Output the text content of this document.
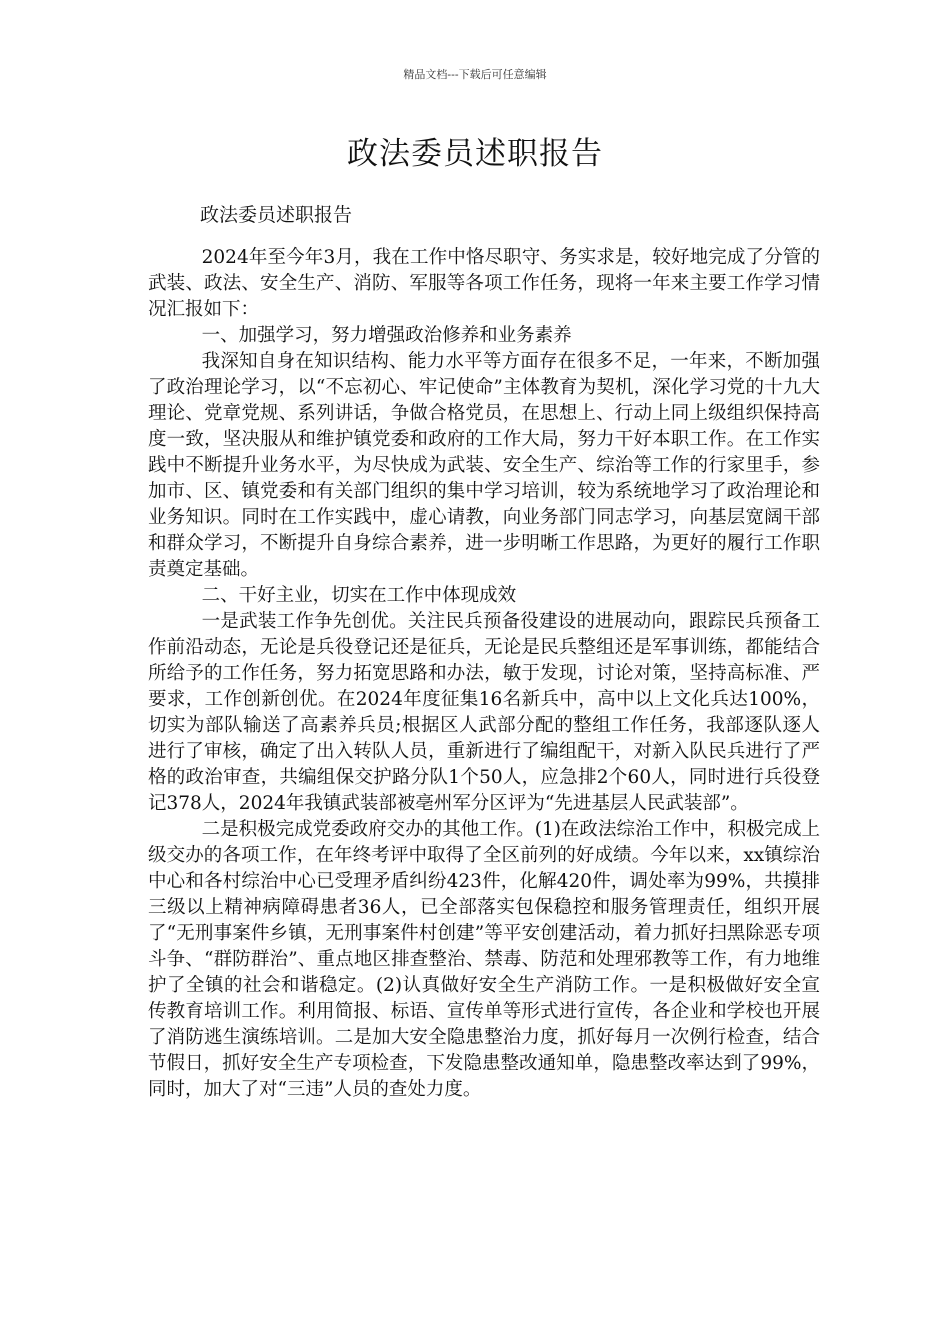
精品文档---下载后可任意编辑
政法委员述职报告
政法委员述职报告

2024年至今年3月，我在工作中恪尽职守、务实求是，较好地完成了分管的武装、政法、安全生产、消防、军服等各项工作任务，现将一年来主要工作学习情况汇报如下：

一、加强学习，努力增强政治修养和业务素养

我深知自身在知识结构、能力水平等方面存在很多不足，一年来，不断加强了政治理论学习，以“不忘初心、牢记使命”主体教育为契机，深化学习党的十九大理论、党章党规、系列讲话，争做合格党员，在思想上、行动上同上级组织保持高度一致，坚决服从和维护镇党委和政府的工作大局，努力干好本职工作。在工作实践中不断提升业务水平，为尽快成为武装、安全生产、综治等工作的行家里手，参加市、区、镇党委和有关部门组织的集中学习培训，较为系统地学习了政治理论和业务知识。同时在工作实践中，虚心请教，向业务部门同志学习，向基层宽阔干部和群众学习，不断提升自身综合素养，进一步明晰工作思路，为更好的履行工作职责奠定基础。

二、干好主业，切实在工作中体现成效

一是武装工作争先创优。关注民兵预备役建设的进展动向，跟踪民兵预备工作前沿动态，无论是兵役登记还是征兵，无论是民兵整组还是军事训练，都能结合所给予的工作任务，努力拓宽思路和办法，敏于发现，讨论对策，坚持高标准、严要求，工作创新创优。在2024年度征集16名新兵中，高中以上文化兵达100%，切实为部队输送了高素养兵员;根据区人武部分配的整组工作任务，我部逐队逐人进行了审核，确定了出入转队人员，重新进行了编组配干，对新入队民兵进行了严格的政治审查，共编组保交护路分队1个50人，应急排2个60人，同时进行兵役登记378人，2024年我镇武装部被亳州军分区评为“先进基层人民武装部”。

二是积极完成党委政府交办的其他工作。(1)在政法综治工作中，积极完成上级交办的各项工作，在年终考评中取得了全区前列的好成绩。今年以来，xx镇综治中心和各村综治中心已受理矛盾纠纷423件，化解420件，调处率为99%，共摸排三级以上精神病障碍患者36人，已全部落实包保稳控和服务管理责任，组织开展了“无刑事案件乡镇，无刑事案件村创建”等平安创建活动，着力抓好扫黑除恶专项斗争、“群防群治”、重点地区排查整治、禁毒、防范和处理邪教等工作，有力地维护了全镇的社会和谐稳定。(2)认真做好安全生产消防工作。一是积极做好安全宣传教育培训工作。利用简报、标语、宣传单等形式进行宣传，各企业和学校也开展了消防逃生演练培训。二是加大安全隐患整治力度，抓好每月一次例行检查，结合节假日，抓好安全生产专项检查，下发隐患整改通知单，隐患整改率达到了99%，同时，加大了对“三违”人员的查处力度。
